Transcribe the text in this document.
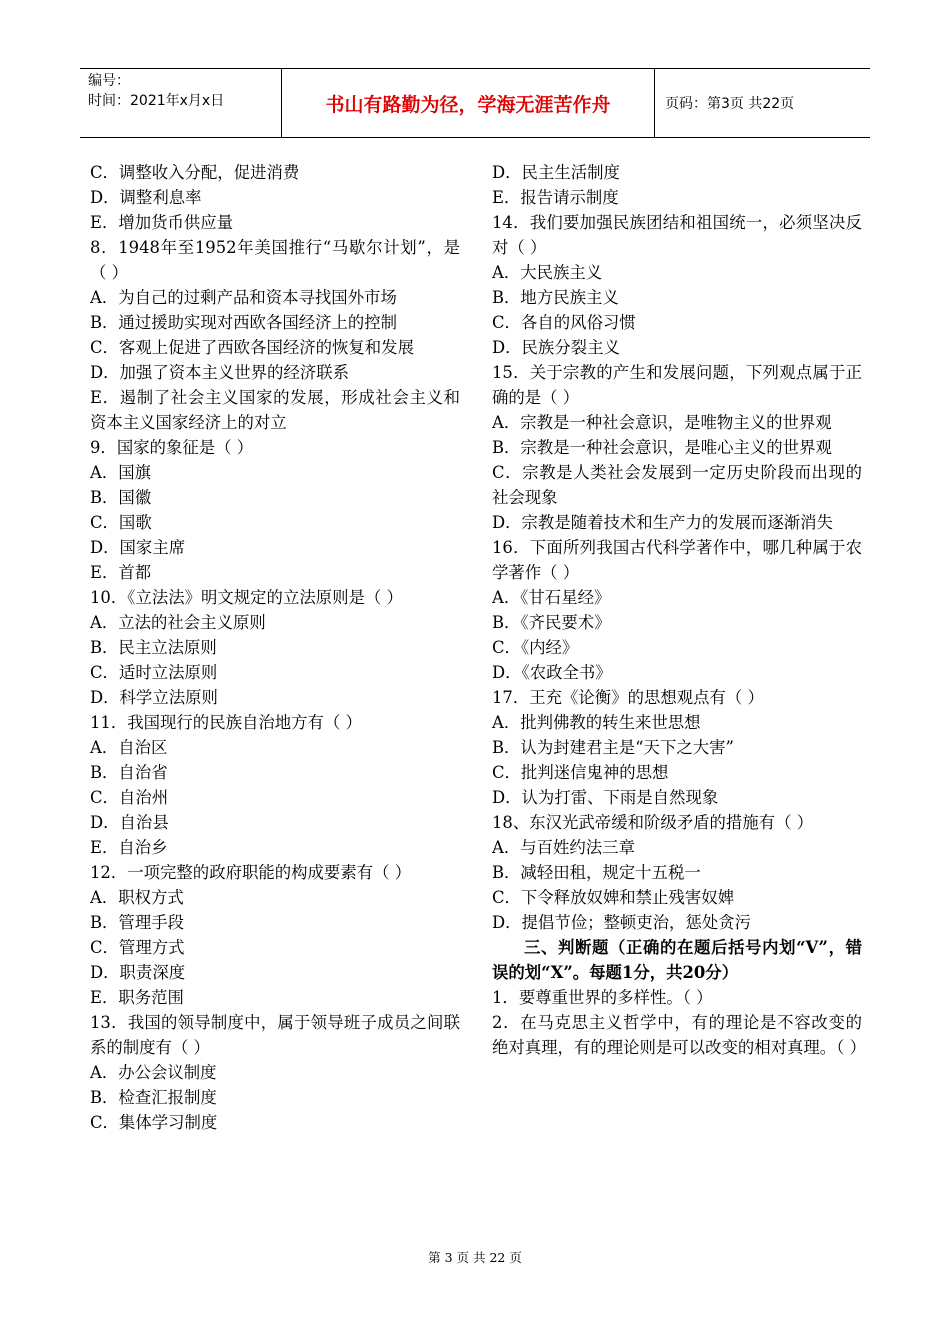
编号：
时间：2021年x月x日	书山有路勤为径，学海无涯苦作舟	页码：第3页 共22页
C．调整收入分配，促进消费
D．调整利息率
E．增加货币供应量
8．1948年至1952年美国推行“马歇尔计划”，是（ ）
A．为自己的过剩产品和资本寻找国外市场
B．通过援助实现对西欧各国经济上的控制
C．客观上促进了西欧各国经济的恢复和发展
D．加强了资本主义世界的经济联系
E．遏制了社会主义国家的发展，形成社会主义和资本主义国家经济上的对立
9．国家的象征是（ ）
A．国旗
B．国徽
C．国歌
D．国家主席
E．首都
10．《立法法》明文规定的立法原则是（ ）
A．立法的社会主义原则
B．民主立法原则
C．适时立法原则
D．科学立法原则
11．我国现行的民族自治地方有（ ）
A．自治区
B．自治省
C．自治州
D．自治县
E．自治乡
12．一项完整的政府职能的构成要素有（ ）
A．职权方式
B．管理手段
C．管理方式
D．职责深度
E．职务范围
13．我国的领导制度中，属于领导班子成员之间联系的制度有（ ）
A．办公会议制度
B．检查汇报制度
C．集体学习制度
D．民主生活制度
E．报告请示制度
14．我们要加强民族团结和祖国统一，必须坚决反对（ ）
A．大民族主义
B．地方民族主义
C．各自的风俗习惯
D．民族分裂主义
15．关于宗教的产生和发展问题，下列观点属于正确的是（ ）
A．宗教是一种社会意识，是唯物主义的世界观
B．宗教是一种社会意识，是唯心主义的世界观
C．宗教是人类社会发展到一定历史阶段而出现的社会现象
D．宗教是随着技术和生产力的发展而逐渐消失
16．下面所列我国古代科学著作中，哪几种属于农学著作（ ）
A．《甘石星经》
B．《齐民要术》
C．《内经》
D．《农政全书》
17．王充《论衡》的思想观点有（ ）
A．批判佛教的转生来世思想
B．认为封建君主是“天下之大害”
C．批判迷信鬼神的思想
D．认为打雷、下雨是自然现象
18、东汉光武帝缓和阶级矛盾的措施有（ ）
A．与百姓约法三章
B．减轻田租，规定十五税一
C．下令释放奴婢和禁止残害奴婢
D．提倡节俭；整顿吏治，惩处贪污
三、判断题（正确的在题后括号内划“V”，错误的划“X”。每题1分，共20分）
1．要尊重世界的多样性。（ ）
2．在马克思主义哲学中，有的理论是不容改变的绝对真理，有的理论则是可以改变的相对真理。（ ）
第 3 页 共 22 页
